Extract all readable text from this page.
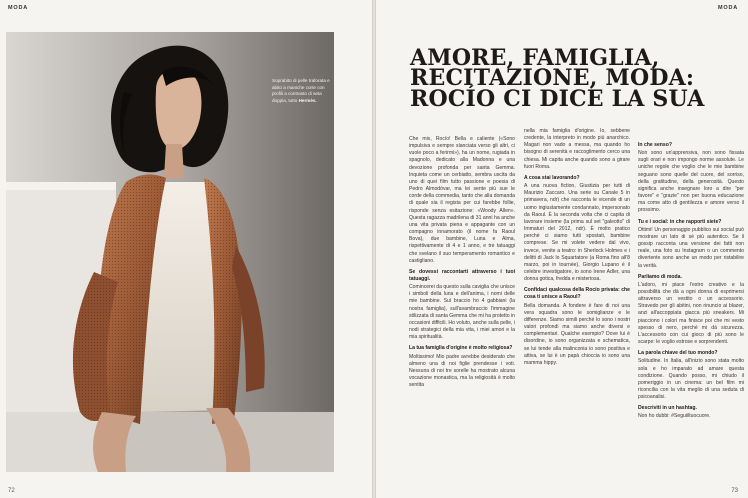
MODA
Soprabito di pelle traforata e abito a maniche corte con profili a contrasto di seta doppia, tutto Hermès.
72
MODA
73
AMORE, FAMIGLIA, RECITAZIONE, MODA: ROCÍO CI DICE LA SUA

Che mix, Rocío! Bella e caliente («Sono impulsiva e sempre slanciata verso gli altri, ci vuole poco a ferirmi»), ha un nome, rugiada in spagnolo, dedicato alla Madonna e una devozione profonda per santa Gemma. Inquieta come un cerbiatto, sembra uscita da uno di quei film tutto passione e poesia di Pedro Almodóvar, ma lei sente più sue le corde della commedia, tanto che alla domanda di quale sia il regista per cui farebbe follie, risponde senza esitazione: «Woody Allen». Questa ragazza madrilena di 31 anni ha anche una vita privata piena e appagante con un compagno innamorato (il nome fa Raoul Bova), due bambine, Luna e Alma, rispettivamente di 4 e 1 anno, e tre tatuaggi che svelano il suo temperamento romantico e castigliano.

Se dovessi raccontarti attraverso i tuoi tatuaggi.

Comincerei da questo sulla caviglia che unisce i simboli della luna e dell'anima, i nomi delle mie bambine. Sul braccio ho 4 gabbiani (la nostra famiglia), sull'avambraccio l'immagine stilizzata di santa Gemma che mi ha protetto in occasioni difficili. Ho voluto, anche sulla pelle, i nodi strategici della mia vita, i miei amori e la mia spiritualità.

La tua famiglia d'origine è molto religiosa?

Moltissimo! Mio padre avrebbe desiderato che almeno una di noi figlie prendesse i voti. Nessuna di noi tre sorelle ha mostrato alcuna vocazione monastica, ma la religiosità è molto sentita

nella mia famiglia d'origine. Io, sebbene credente, la interpreto in modo più anarchico. Magari non vado a messa, ma quando ho bisogno di serenità e raccoglimento cerco una chiesa. Mi capita anche quando sono a girare fuori Roma.

A cosa stai lavorando?

A una nuova fiction, Giustizia per tutti di Maurizio Zaccaro. Una serie su Canale 5 in primavera, ndr) che racconta le vicende di un uomo ingiustamente condannato, impersonato da Raoul. È la seconda volta che ci capita di lavorare insieme (la prima sul set "galeotto" di Immaturi del 2012, ndr). È molto pratico perché ci siamo tutti spostati, bambine comprese. Se mi volete vedere dal vivo, invece, venite a teatro: in Sherlock Holmes e i delitti di Jack lo Squartatore (a Roma fino all'8 marzo, poi in tournée), Giorgio Lupano è il celebre investigatore, io sono Irene Adler, una donna gotica, fredda e misteriosa.

Confidaci qualcosa della Rocío privata: che cosa ti unisce a Raoul?

Bella domanda. A fondere è fare di noi una vera squadra sono le somiglianze e le differenze. Siamo simili perché lo sono i nostri valori profondi ma siamo anche diversi e complementari. Qualche esempio? Dove lui è disordine, io sono organizzata e schematica, se lui tende alla malinconia io sono positiva e attiva, se lui è un papà chioccia io sono una mamma hippy.

In che senso?

Non sono un'apprensiva, non sono fissata sugli orari e non impongo norme assolute. Le uniche regole che voglio che le mie bambine seguano sono quelle del cuore, del sorriso, della gratitudine, della generosità. Questo significa anche insegnare loro a dire "per favore" e "grazie" non per buona educazione ma come atto di gentilezza e amore verso il prossimo.

Tu e i social: in che rapporti siete?

Ottimi! Un personaggio pubblico sui social può mostrare un lato di sé più autentico. Se il gossip racconta una versione dei fatti non reale, una foto su Instagram o un commento divertente sono anche un modo per ristabilire la verità.

Parliamo di moda.

L'adoro, mi piace l'estro creativo e la possibilità che dà a ogni donna di esprimersi attraverso un vestito o un accessorio. Stravedo per gli abitini, non rinuncio ai blazer, anzi all'accoppiata giacca più sneakers. Mi piacciono i colori ma finisce poi che mi vesto spesso di nero, perché mi dà sicurezza. L'accessorio con cui gioco di più sono le scarpe: le voglio estrose e sorprendenti.

La parola chiave del tuo mondo?

Solitudine. In Italia, all'inizio sono stata molto sola e ho imparato ad amare questa condizione. Quando posso, mi chiudo il pomeriggio in un cinema: un bel film mi riconcilia con la vita meglio di una seduta di psicoanalisi.

Descriviti in un hashtag.

Non ho dubbi: #Seguiiltuocuore.
